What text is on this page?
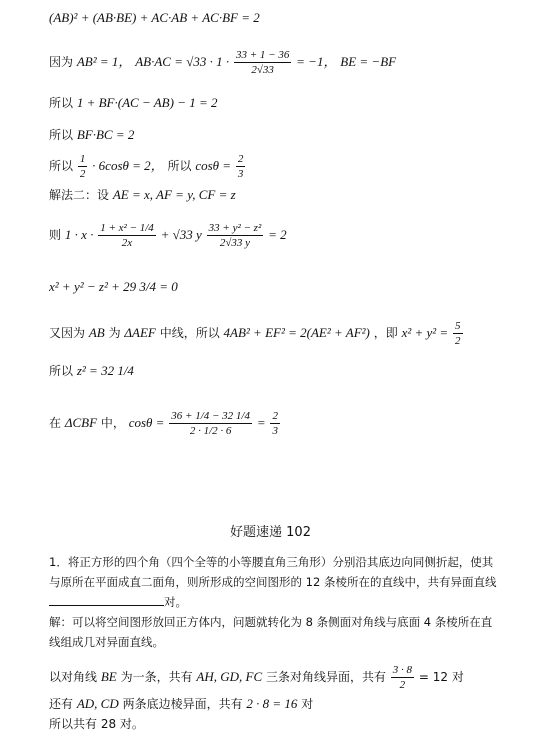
(AB)² + (AB·BE) + AC·AB + AC·BF = 2
因为 AB² = 1， $AB\cdot AC = √33 \cdot 1 \cdot \frac{33 + 1 - 36}{2√33} = -1$， BE = −BF
所以 1 + BF·(AC − AB) − 1 = 2
所以 BF·BC = 2
所以 $\frac{1}{2} \cdot 6\cos\theta = 2$， 所以 $\cos\theta = \frac{2}{3}$
解法二：设 AE = x, AF = y, CF = z
则 $1 \cdot x \cdot \frac{\text{1 + x² − 1/4}}{2x} + √33$ y $\frac{\text{33 + y² − z²}}{2√33 y} = 2$
x² + y² − z² + 29 3/4 = 0
又因为 AB 为 ΔAEF 中线，所以 4AB² + EF² = 2(AE² + AF²) ，即 $x^2 + y^2 = \frac{5}{2}$
所以 z² = 32 1/4
在 ΔCBF 中， $\cos\theta = \frac{36 + 1/4 - 32 1/4}{2 \cdot 1/2 \cdot 6} = \frac{2}{3}$
好题速递 102
1．将正方形的四个角（四个全等的小等腰直角三角形）分别沿其底边向同侧折起，使其与原所在平面成直二面角，则所形成的空间图形的 12 条棱所在的直线中，共有异面直线
对。
解：可以将空间图形放回正方体内，问题就转化为 8 条侧面对角线与底面 4 条棱所在直线组成几对异面直线。
以对角线 BE 为一条，共有 AH, GD, FC 三条对角线异面，共有 $\frac{3 \cdot 8}{2} = 12$ 对
还有 AD, CD 两条底边棱异面，共有 2 · 8 = 16 对
所以共有 28 对。
